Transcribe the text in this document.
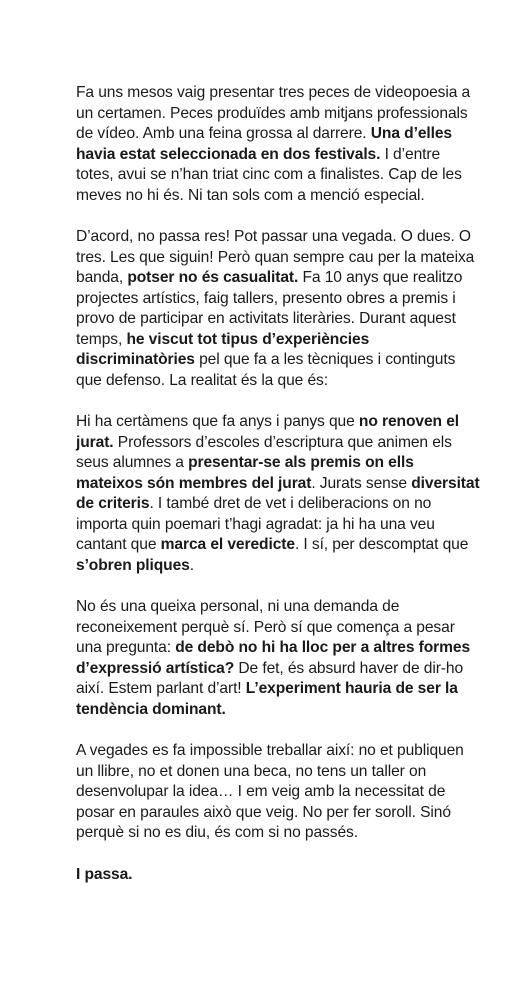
Fa uns mesos vaig presentar tres peces de videopoesia a un certamen. Peces produïdes amb mitjans professionals de vídeo. Amb una feina grossa al darrere. Una d’elles havia estat seleccionada en dos festivals. I d’entre totes, avui se n’han triat cinc com a finalistes. Cap de les meves no hi és. Ni tan sols com a menció especial.

D’acord, no passa res! Pot passar una vegada. O dues. O tres. Les que siguin! Però quan sempre cau per la mateixa banda, potser no és casualitat. Fa 10 anys que realitzo projectes artístics, faig tallers, presento obres a premis i provo de participar en activitats literàries. Durant aquest temps, he viscut tot tipus d’experiències discriminatòries pel que fa a les tècniques i continguts que defenso. La realitat és la que és:

Hi ha certàmens que fa anys i panys que no renoven el jurat. Professors d’escoles d’escriptura que animen els seus alumnes a presentar-se als premis on ells mateixos són membres del jurat. Jurats sense diversitat de criteris. I també dret de vet i deliberacions on no importa quin poemari t’hagi agradat: ja hi ha una veu cantant que marca el veredicte. I sí, per descomptat que s’obren pliques.

No és una queixa personal, ni una demanda de reconeixement perquè sí. Però sí que comença a pesar una pregunta: de debò no hi ha lloc per a altres formes d’expressió artística? De fet, és absurd haver de dir-ho així. Estem parlant d’art! L’experiment hauria de ser la tendència dominant.

A vegades es fa impossible treballar així: no et publiquen un llibre, no et donen una beca, no tens un taller on desenvolupar la idea… I em veig amb la necessitat de posar en paraules això que veig. No per fer soroll. Sinó perquè si no es diu, és com si no passés.

I passa.
